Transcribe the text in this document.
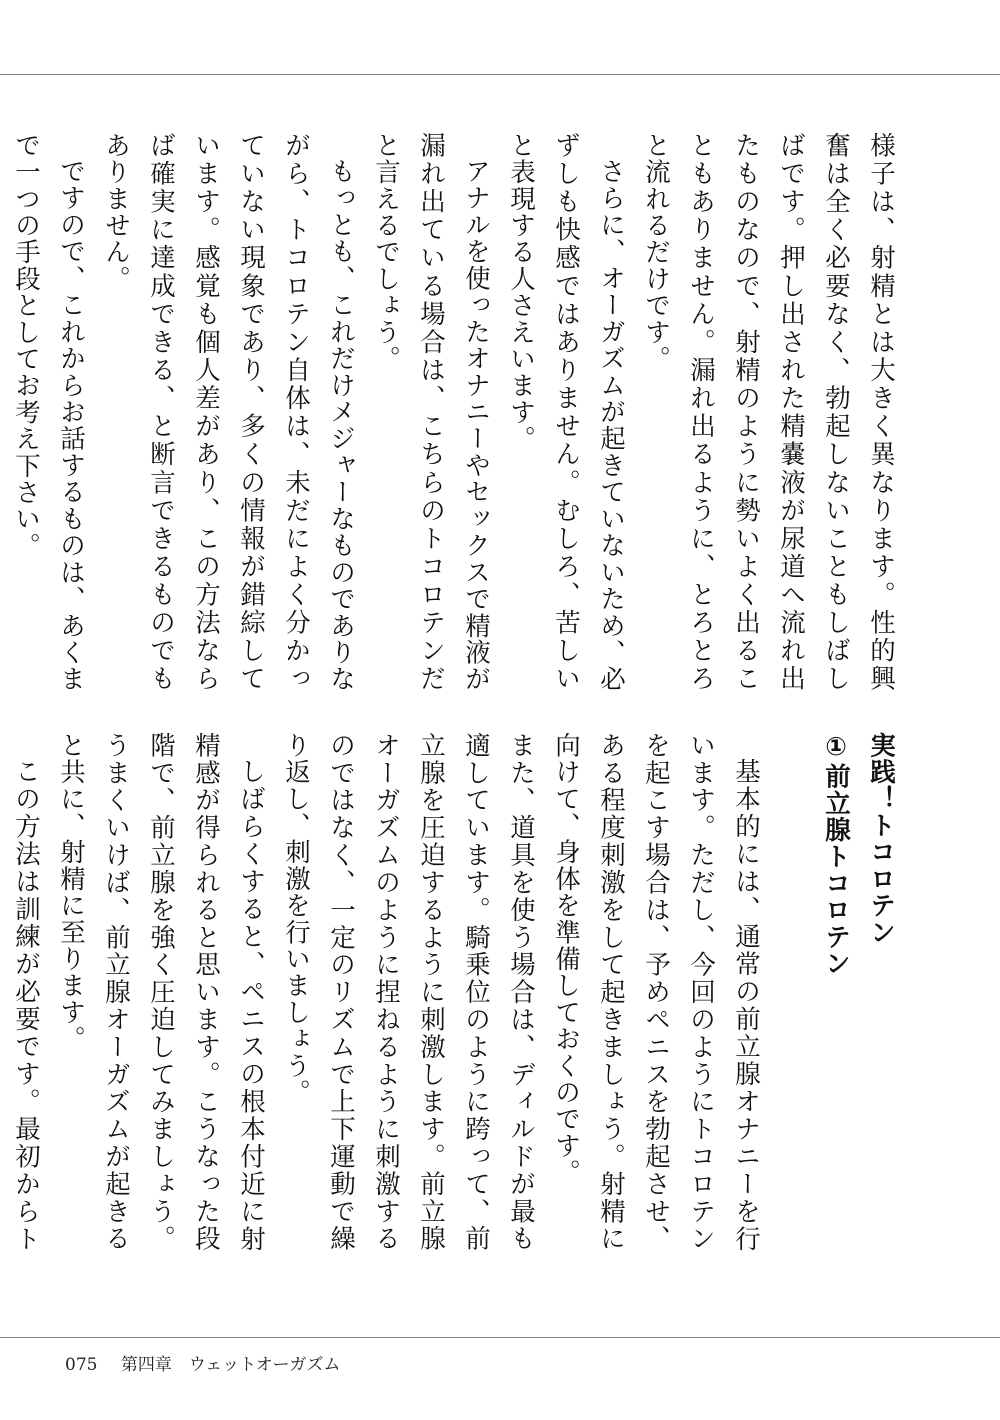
様子は、射精とは大きく異なります。性的興奮は全く必要なく、勃起しないこともしばしばです。押し出された精嚢液が尿道へ流れ出たものなので、射精のように勢いよく出ることもありません。漏れ出るように、とろとろと流れるだけです。

さらに、オーガズムが起きていないため、必ずしも快感ではありません。むしろ、苦しいと表現する人さえいます。

アナルを使ったオナニーやセックスで精液が漏れ出ている場合は、こちらのトコロテンだと言えるでしょう。

もっとも、これだけメジャーなものでありながら、トコロテン自体は、未だによく分かっていない現象であり、多くの情報が錯綜しています。感覚も個人差があり、この方法ならば確実に達成できる、と断言できるものでもありません。

ですので、これからお話するものは、あくまで一つの手段としてお考え下さい。

実践！トコロテン
①前立腺トコロテン

基本的には、通常の前立腺オナニーを行います。ただし、今回のようにトコロテンを起こす場合は、予めペニスを勃起させ、ある程度刺激をして起きましょう。射精に向けて、身体を準備しておくのです。

また、道具を使う場合は、ディルドが最も適しています。騎乗位のように跨って、前立腺を圧迫するように刺激します。前立腺オーガズムのように捏ねるように刺激するのではなく、一定のリズムで上下運動で繰り返し、刺激を行いましょう。

しばらくすると、ペニスの根本付近に射精感が得られると思います。こうなった段階で、前立腺を強く圧迫してみましょう。うまくいけば、前立腺オーガズムが起きると共に、射精に至ります。

この方法は訓練が必要です。最初からト

075 第四章　ウェットオーガズム
